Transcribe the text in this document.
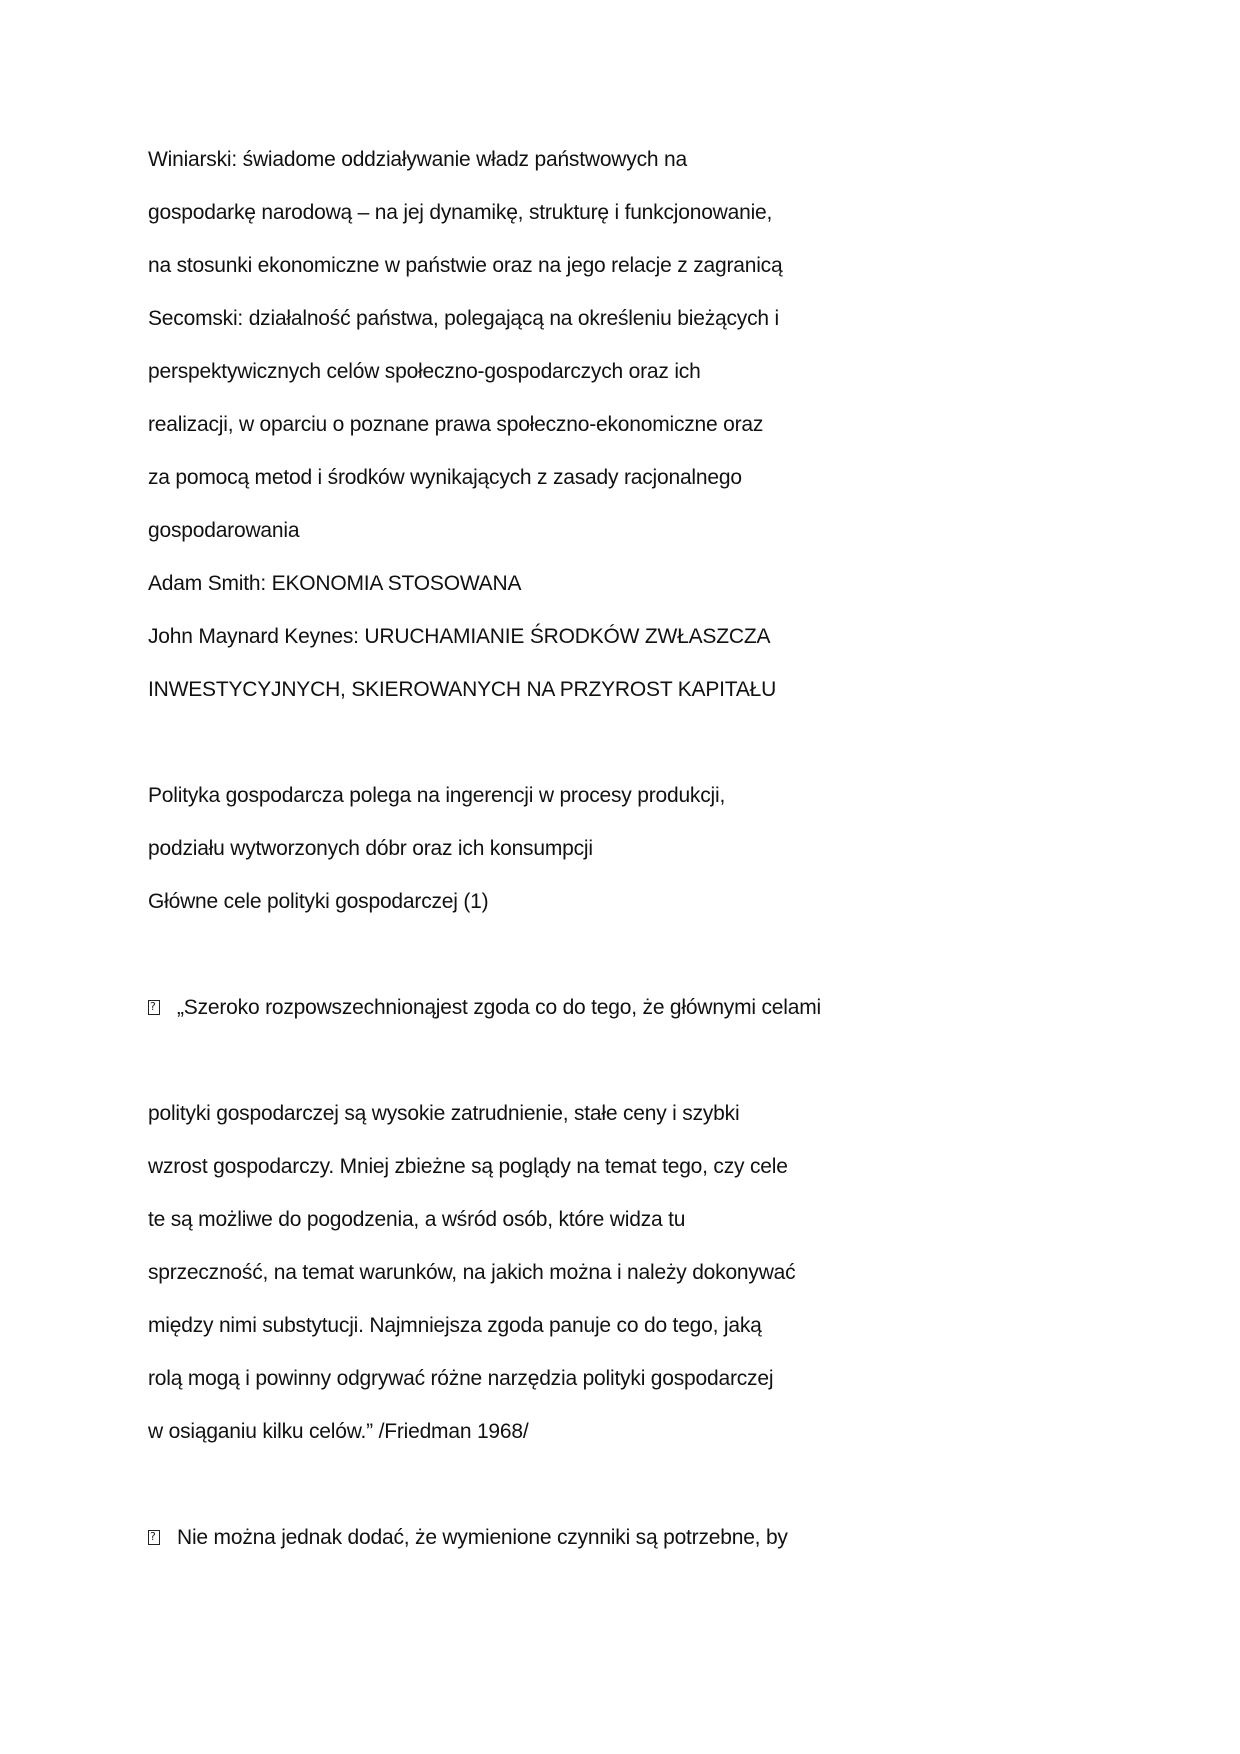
Winiarski: świadome oddziaływanie władz państwowych na
gospodarkę narodową – na jej dynamikę, strukturę i funkcjonowanie,
na stosunki ekonomiczne w państwie oraz na jego relacje z zagranicą
Secomski: działalność państwa, polegającą na określeniu bieżących i
perspektywicznych celów społeczno-gospodarczych oraz ich
realizacji, w oparciu o poznane prawa społeczno-ekonomiczne oraz
za pomocą metod i środków wynikających z zasady racjonalnego
gospodarowania
Adam Smith: EKONOMIA STOSOWANA
John Maynard Keynes: URUCHAMIANIE ŚRODKÓW ZWŁASZCZA
INWESTYCYJNYCH, SKIEROWANYCH NA PRZYROST KAPITAŁU
Polityka gospodarcza polega na ingerencji w procesy produkcji,
podziału wytworzonych dóbr oraz ich konsumpcji
Główne cele polityki gospodarczej (1)
?„Szeroko rozpowszechnionąjest zgoda co do tego, że głównymi celami
polityki gospodarczej są wysokie zatrudnienie, stałe ceny i szybki
wzrost gospodarczy. Mniej zbieżne są poglądy na temat tego, czy cele
te są możliwe do pogodzenia, a wśród osób, które widza tu
sprzeczność, na temat warunków, na jakich można i należy dokonywać
między nimi substytucji. Najmniejsza zgoda panuje co do tego, jaką
rolą mogą i powinny odgrywać różne narzędzia polityki gospodarczej
w osiąganiu kilku celów.” /Friedman 1968/
?Nie można jednak dodać, że wymienione czynniki są potrzebne, by
